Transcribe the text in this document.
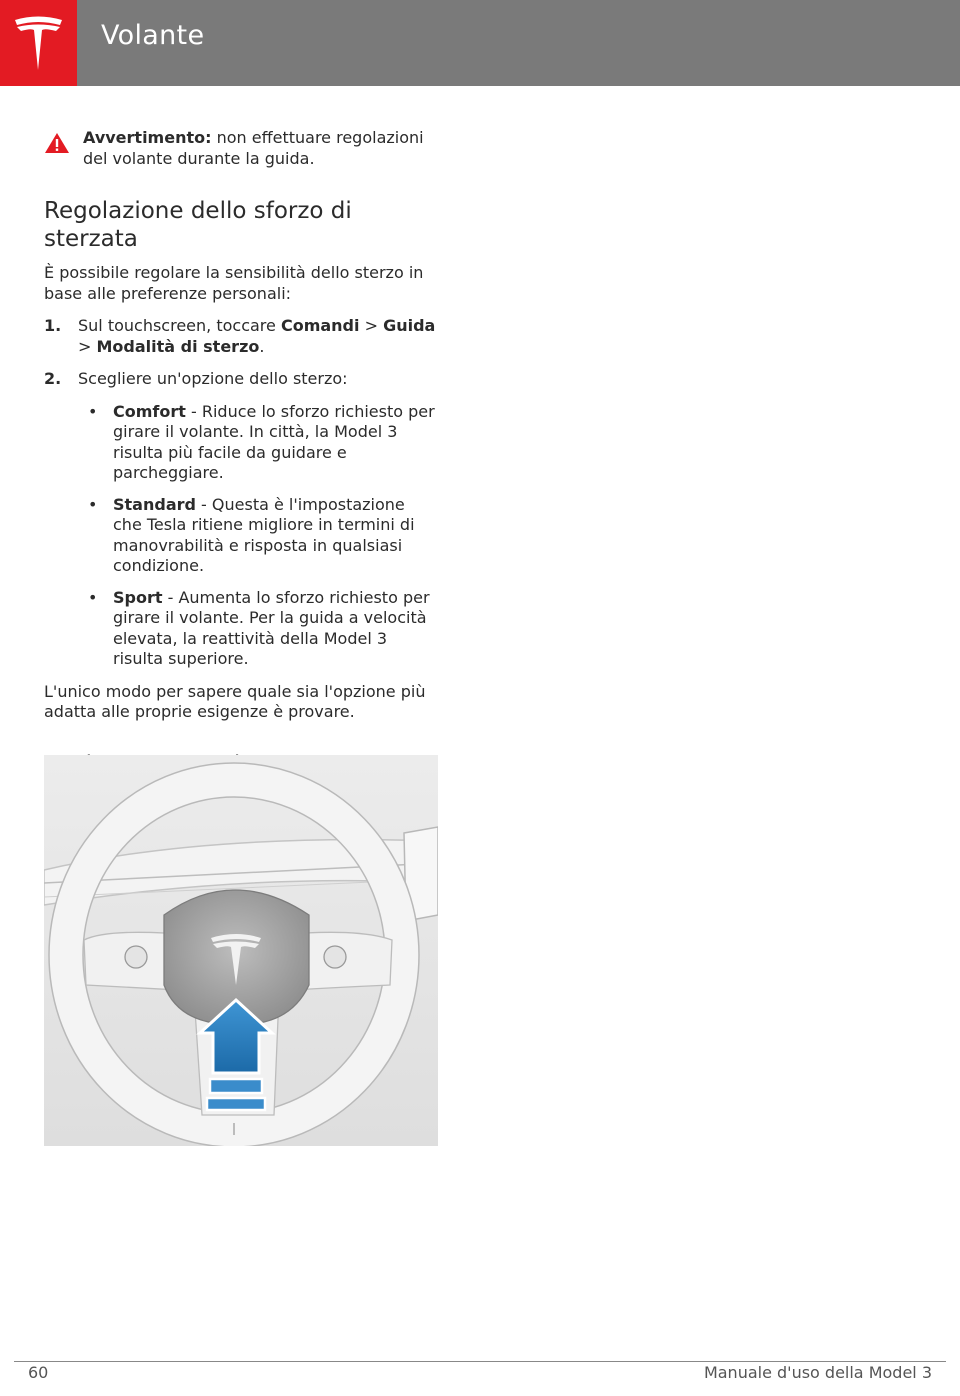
Volante
Avvertimento: non effettuare regolazioni del volante durante la guida.
Regolazione dello sforzo di sterzata

È possibile regolare la sensibilità dello sterzo in base alle preferenze personali:

1. Sul touchscreen, toccare Comandi > Guida > Modalità di sterzo.
2. Scegliere un'opzione dello sterzo:
• Comfort - Riduce lo sforzo richiesto per girare il volante. In città, la Model 3 risulta più facile da guidare e parcheggiare.
• Standard - Questa è l'impostazione che Tesla ritiene migliore in termini di manovrabilità e risposta in qualsiasi condizione.
• Sport - Aumenta lo sforzo richiesto per girare il volante. Per la guida a velocità elevata, la reattività della Model 3 risulta superiore.

L'unico modo per sapere quale sia l'opzione più adatta alle proprie esigenze è provare.

60	Manuale d'uso della Model 3
